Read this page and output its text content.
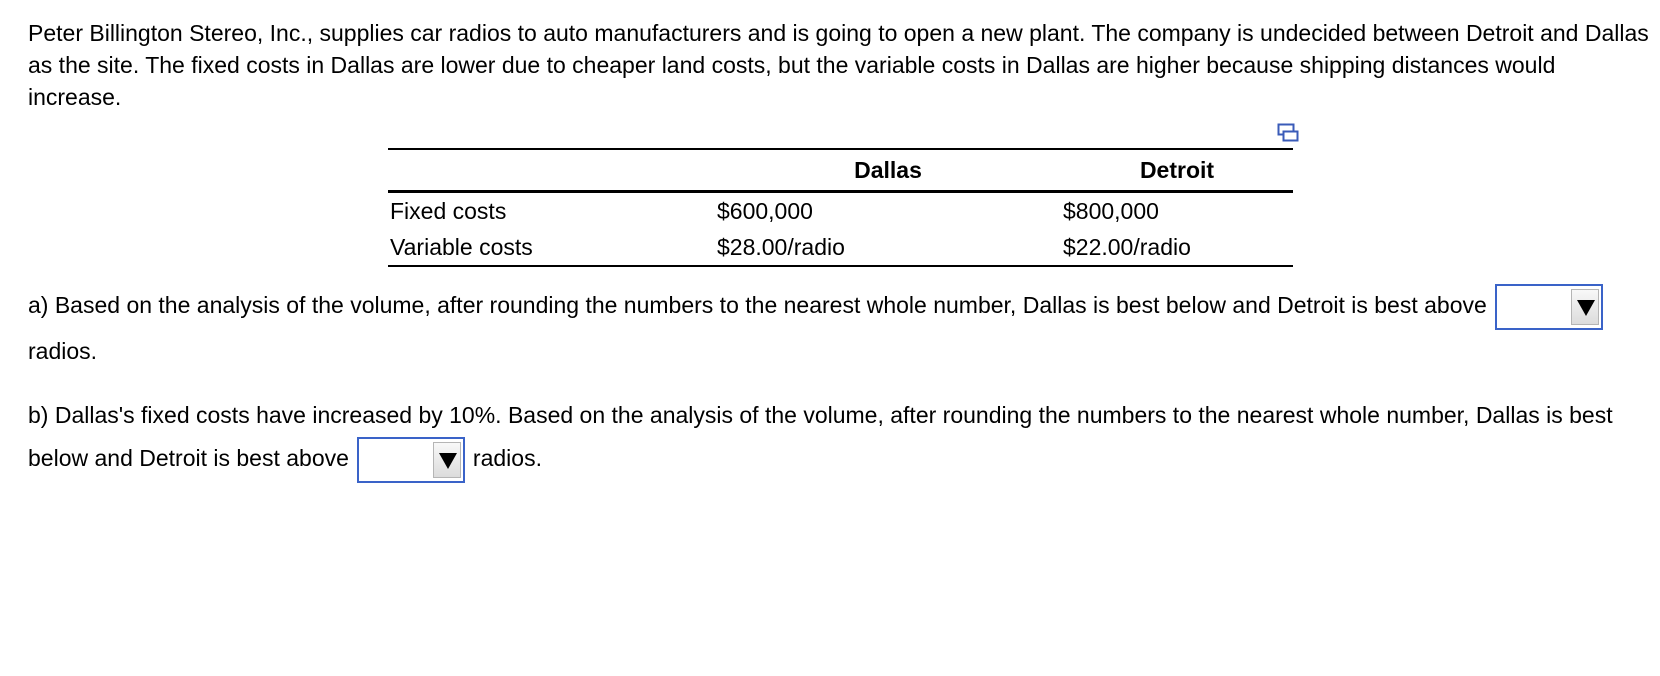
Peter Billington Stereo, Inc., supplies car radios to auto manufacturers and is going to open a new plant. The company is undecided between Detroit and Dallas as the site. The fixed costs in Dallas are lower due to cheaper land costs, but the variable costs in Dallas are higher because shipping distances would increase.

	Dallas	Detroit
Fixed costs	$600,000	$800,000
Variable costs	$28.00/radio	$22.00/radio

a) Based on the analysis of the volume, after rounding the numbers to the nearest whole number, Dallas is best below and Detroit is best above
radios.

b) Dallas's fixed costs have increased by 10%. Based on the analysis of the volume, after rounding the numbers to the nearest whole number, Dallas is best below and Detroit is best above	radios.
